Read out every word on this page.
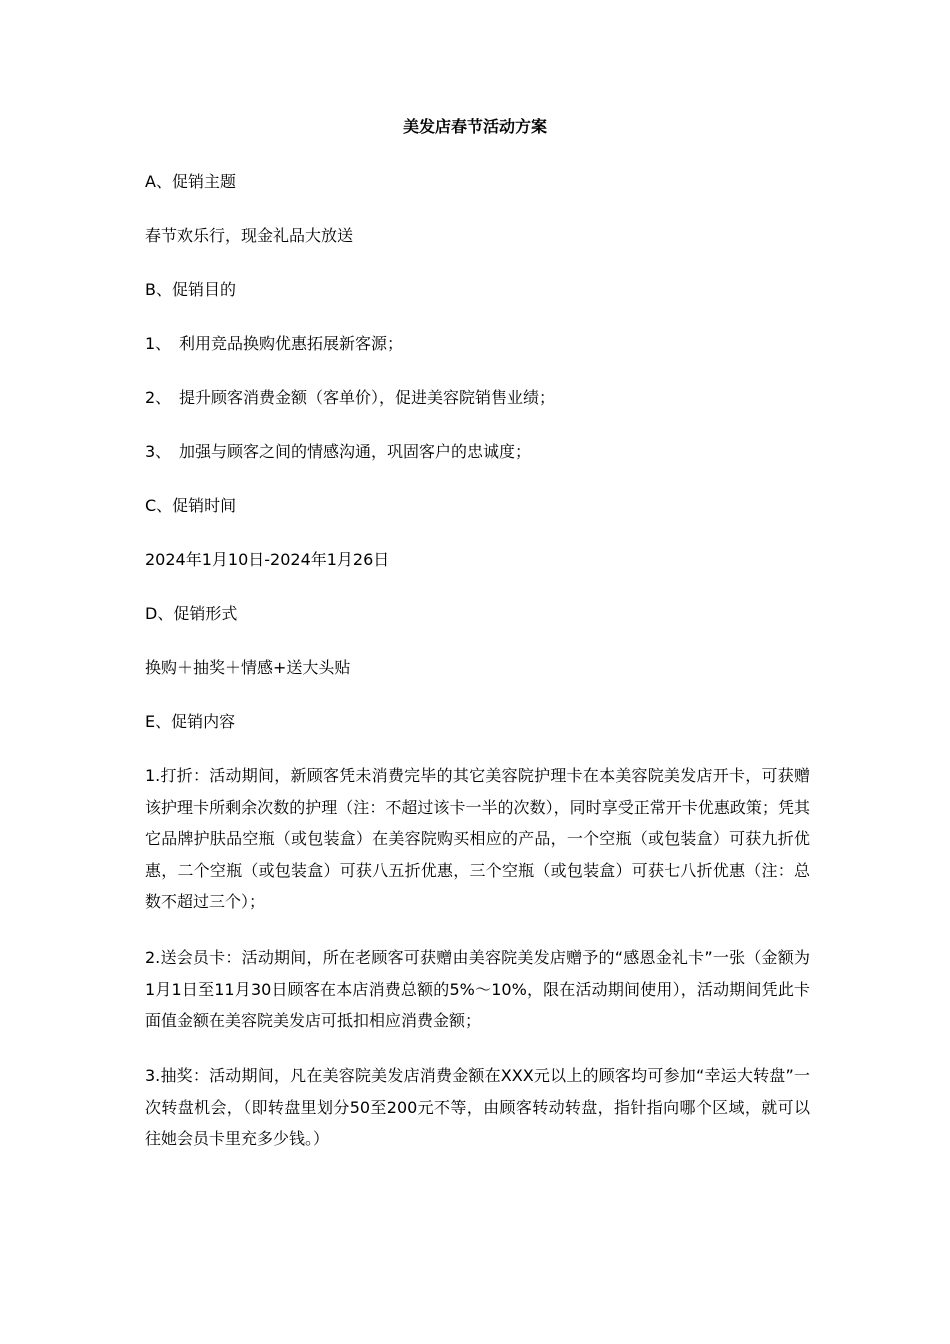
美发店春节活动方案
A、促销主题
春节欢乐行，现金礼品大放送
B、促销目的
1、 利用竞品换购优惠拓展新客源；
2、 提升顾客消费金额（客单价），促进美容院销售业绩；
3、 加强与顾客之间的情感沟通，巩固客户的忠诚度；
C、促销时间
2024年1月10日-2024年1月26日
D、促销形式
换购＋抽奖＋情感+送大头贴
E、促销内容
1.打折：活动期间，新顾客凭未消费完毕的其它美容院护理卡在本美容院美发店开卡，可获赠该护理卡所剩余次数的护理（注：不超过该卡一半的次数），同时享受正常开卡优惠政策；凭其它品牌护肤品空瓶（或包装盒）在美容院购买相应的产品，一个空瓶（或包装盒）可获九折优惠，二个空瓶（或包装盒）可获八五折优惠，三个空瓶（或包装盒）可获七八折优惠（注：总数不超过三个）；
2.送会员卡：活动期间，所在老顾客可获赠由美容院美发店赠予的“感恩金礼卡”一张（金额为1月1日至11月30日顾客在本店消费总额的5%～10%，限在活动期间使用），活动期间凭此卡面值金额在美容院美发店可抵扣相应消费金额；
3.抽奖：活动期间，凡在美容院美发店消费金额在XXX元以上的顾客均可参加“幸运大转盘”一次转盘机会，（即转盘里划分50至200元不等，由顾客转动转盘，指针指向哪个区域，就可以往她会员卡里充多少钱。）
